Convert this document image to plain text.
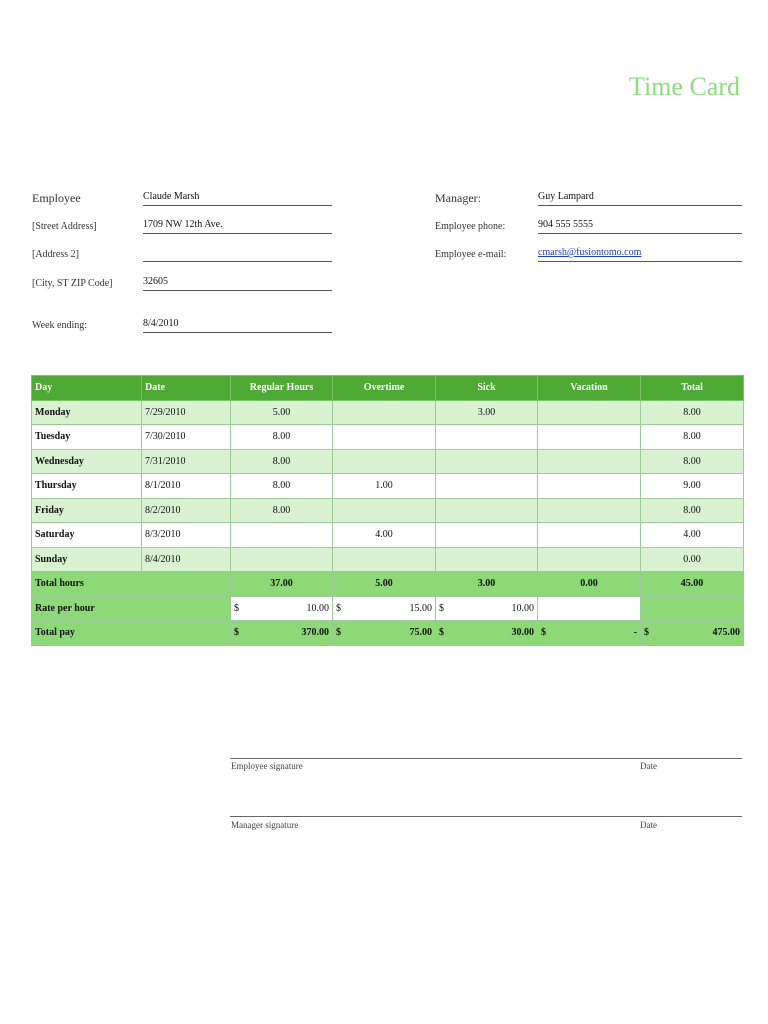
Time Card
Employee	Claude Marsh
[Street Address]	1709 NW 12th Ave.
[Address 2]
[City, ST ZIP Code]	32605
Week ending:	8/4/2010
Manager:	Guy Lampard
Employee phone:	904 555 5555
Employee e-mail:	cmarsh@fusiontomo.com
Day	Date	Regular Hours	Overtime	Sick	Vacation	Total
Monday	7/29/2010	5.00		3.00		8.00
Tuesday	7/30/2010	8.00				8.00
Wednesday	7/31/2010	8.00				8.00
Thursday	8/1/2010	8.00	1.00			9.00
Friday	8/2/2010	8.00				8.00
Saturday	8/3/2010		4.00			4.00
Sunday	8/4/2010					0.00
Total hours		37.00	5.00	3.00	0.00	45.00
Rate per hour		$ 10.00	$ 15.00	$ 10.00		

Total pay		$ 370.00	$ 75.00	$ 30.00	$ -	$ 475.00
Employee signature	Date
Manager signature	Date
